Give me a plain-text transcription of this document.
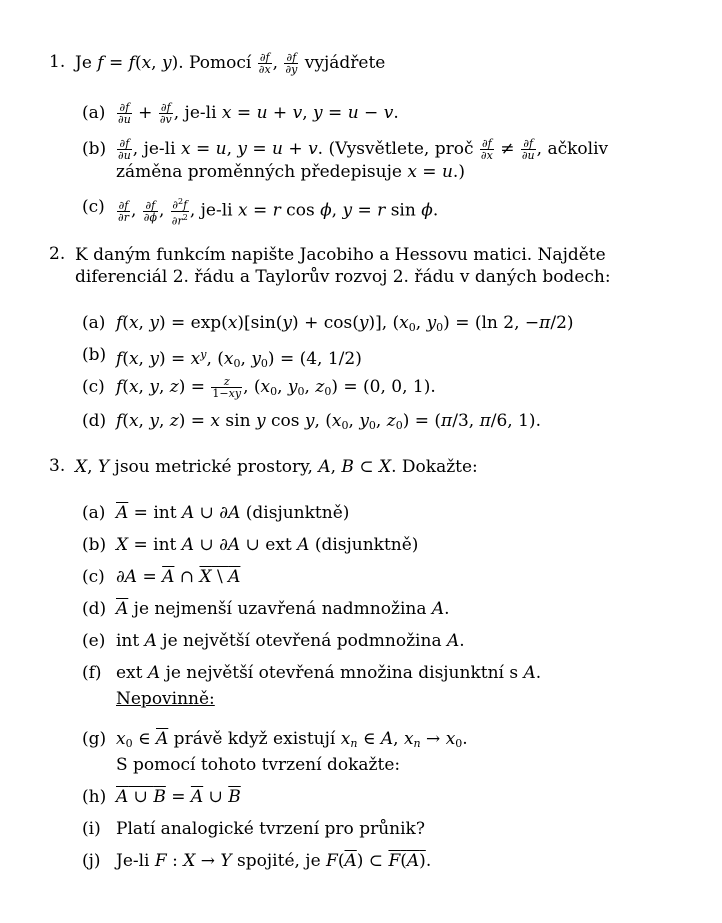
1. Je f = f(x, y). Pomocí $\frac{\partial f}{\partial x}$ , $\frac{\partial f}{\partial y}$ vyjádřete
(a)	$\frac{\partial f}{\partial u} + \frac{\partial f}{\partial v}$ , je-li x = u + v, y = u − v.
$(b) \frac{\partial f}{\partial u}$ , je-li x = u, y = u + v. (Vysvětlete, proč $\frac{\partial f}{\partial x} \ne \frac{\partial f}{\partial u}$ , ačkoliv
záměna proměnných předepisuje x = u.)
(c)	$\frac{\partial f}{\partial r}$ , $\frac{\partial f}{\partial\phi}$ , $\frac{\partial^2f}{\partial r^2}$ , je-li x = r cos ϕ, y = r sin ϕ.
2. K daným funkcím napište Jacobiho a Hessovu matici. Najděte diferenciál 2. řádu a Taylorův rozvoj 2. řádu v daných bodech:
(a) f(x, y) = exp(x)[sin(y) + cos(y)], ($x_0$, $y_0) = (\ln$ 2, −π/2)
(b) f(x, $y) = x^y$, ($x_0$, $y_0) = (4$, 1/2)
(c) f(x, y, $z) = \frac{z}{1-xy}$ , ($x_0$, $y_0$, $z_0) = (0$, 0, 1).
(d) f(x, y, z) = x sin y cos y, ($x_0$, $y_0$, $z_0) = (\pi/3$, π/6, 1).
3. X, Y jsou metrické prostory, A, B ⊂ X. Dokažte:
(a) $\overline{A}$ = int A ∪ ∂A (disjunktně)
(b) X = int A ∪ ∂A ∪ ext A (disjunktně)
(c) $\partial A = \overline{A}$ ∩ X \ A
(d) $\overline{A}$ je nejmenší uzavřená nadmnožina A.
(e) int A je největší otevřená podmnožina A.
(f) ext A je největší otevřená množina disjunktní s A.
Nepovinně:
(g) $x_0$ ∈ $\overline{A}$ právě když existují $x_n$ ∈ A, $x_n \to x_0$.
S pomocí tohoto tvrzení dokažte:
(h) A ∪ $B = \overline{A}$ ∪ $\overline{B}$
(i) Platí analogické tvrzení pro průnik?
(j) Je-li F : X → Y spojité, je $F(\overline{A})$ ⊂ F(A).
